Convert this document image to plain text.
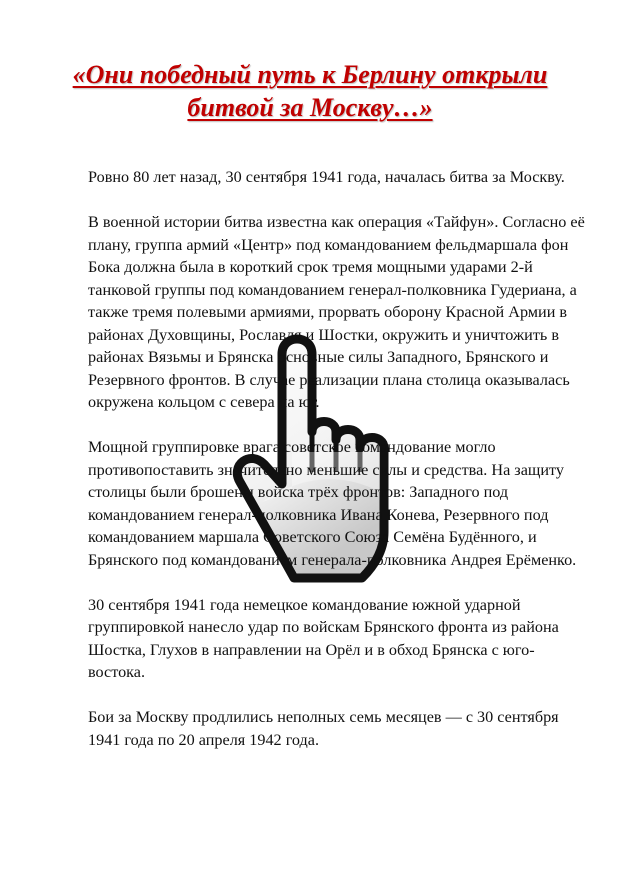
«Они победный путь к Берлину открыли битвой за Москву…»

Ровно 80 лет назад, 30 сентября 1941 года, началась битва за Москву.

В военной истории битва известна как операция «Тайфун». Согласно её плану, группа армий «Центр» под командованием фельдмаршала фон Бока должна была в короткий срок тремя мощными ударами 2-й танковой группы под командованием генерал-полковника Гудериана, а также тремя полевыми армиями, прорвать оборону Красной Армии в районах Духовщины, Рославля и Шостки, окружить и уничтожить в районах Вязьмы и Брянска основные силы Западного, Брянского и Резервного фронтов. В случае реализации плана столица оказывалась окружена кольцом с севера на юг.

Мощной группировке врага советское командование могло противопоставить значительно меньшие силы и средства. На защиту столицы были брошены войска трёх фронтов: Западного под командованием генерал-полковника Ивана Конева, Резервного под командованием маршала Советского Союза Семёна Будённого, и Брянского под командованием генерала-полковника Андрея Ерёменко.

30 сентября 1941 года немецкое командование южной ударной группировкой нанесло удар по войскам Брянского фронта из района Шостка, Глухов в направлении на Орёл и в обход Брянска с юго-востока.

Бои за Москву продлились неполных семь месяцев — с 30 сентября 1941 года по 20 апреля 1942 года.
